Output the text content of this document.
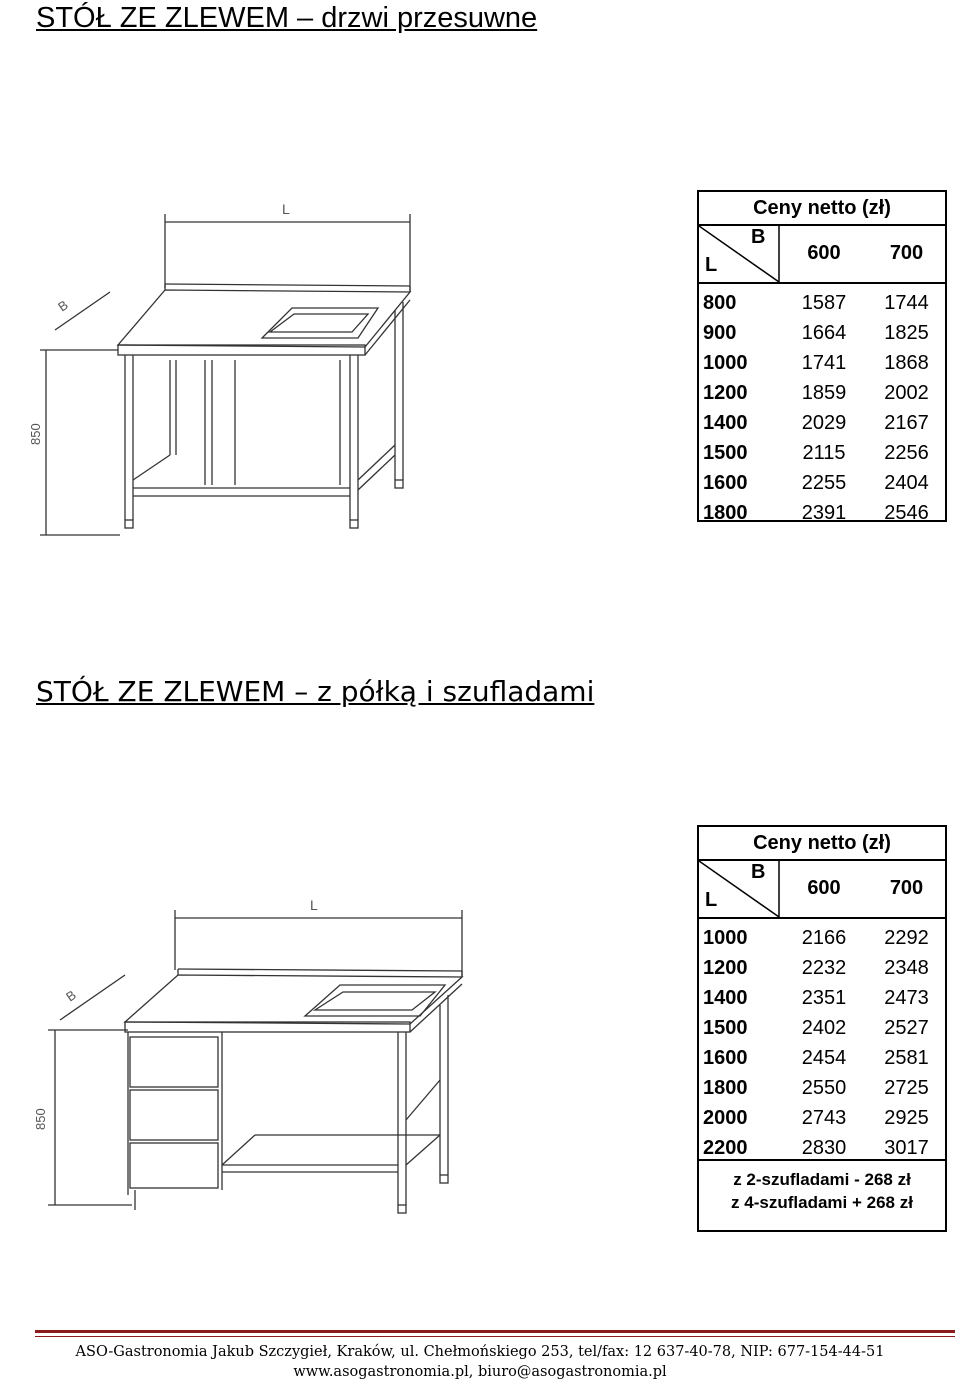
STÓŁ ZE ZLEWEM – drzwi przesuwne
L
B
850
Ceny netto (zł)
B
L
600	700
800	1587	1744
900	1664	1825
1000	1741	1868
1200	1859	2002
1400	2029	2167
1500	2115	2256
1600	2255	2404
1800	2391	2546
STÓŁ ZE ZLEWEM – z półką i szufladami
L
B
850
Ceny netto (zł)
B
L
600	700
1000	2166	2292
1200	2232	2348
1400	2351	2473
1500	2402	2527
1600	2454	2581
1800	2550	2725
2000	2743	2925
2200	2830	3017
z 2-szufladami - 268 zł
z 4-szufladami + 268 zł
ASO-Gastronomia Jakub Szczygieł, Kraków, ul. Chełmońskiego 253, tel/fax: 12 637-40-78, NIP: 677-154-44-51
www.asogastronomia.pl, biuro@asogastronomia.pl
